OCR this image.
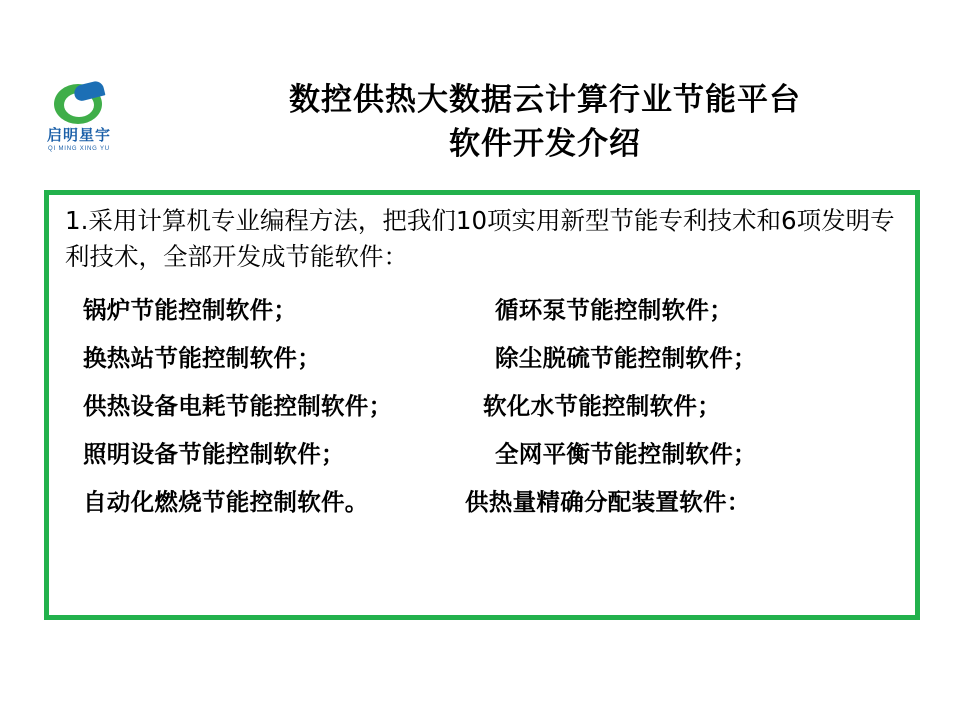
启明星宇
QI MING XING YU
数控供热大数据云计算行业节能平台
软件开发介绍
1.采用计算机专业编程方法，把我们10项实用新型节能专利技术和6项发明专利技术，全部开发成节能软件：
锅炉节能控制软件；	循环泵节能控制软件；
换热站节能控制软件；	除尘脱硫节能控制软件；
供热设备电耗节能控制软件；	软化水节能控制软件；
照明设备节能控制软件；	全网平衡节能控制软件；
自动化燃烧节能控制软件。	供热量精确分配装置软件：
